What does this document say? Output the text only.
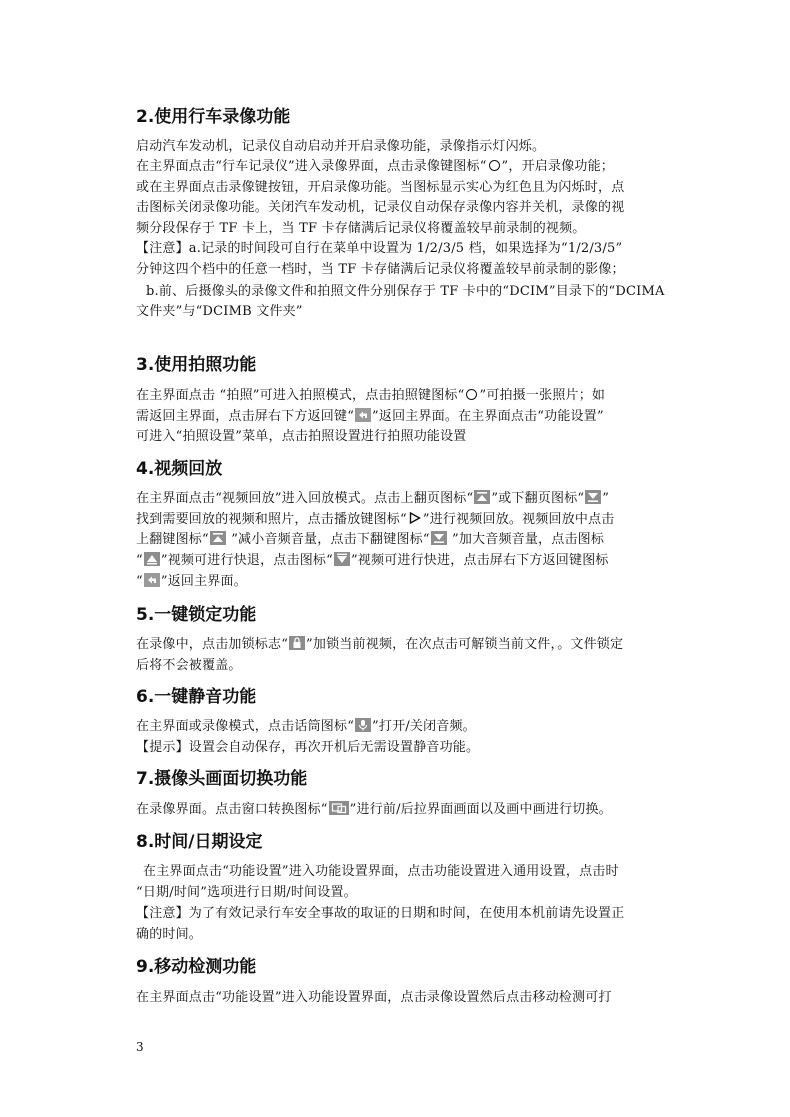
2.使用行车录像功能
启动汽车发动机，记录仪自动启动并开启录像功能，录像指示灯闪烁。
在主界面点击“行车记录仪”进入录像界面，点击录像键图标“ ”，开启录像功能；
或在主界面点击录像键按钮，开启录像功能。当图标显示实心为红色且为闪烁时，点
击图标关闭录像功能。关闭汽车发动机，记录仪自动保存录像内容并关机，录像的视
频分段保存于 TF 卡上，当 TF 卡存储满后记录仪将覆盖较早前录制的视频。
【注意】a.记录的时间段可自行在菜单中设置为 1/2/3/5 档，如果选择为“1/2/3/5”
分钟这四个档中的任意一档时，当 TF 卡存储满后记录仪将覆盖较早前录制的影像；
b.前、后摄像头的录像文件和拍照文件分别保存于 TF 卡中的“DCIM”目录下的“DCIMA
文件夹”与“DCIMB 文件夹”
3.使用拍照功能
在主界面点击 “拍照”可进入拍照模式，点击拍照键图标“ ”可拍摄一张照片；如
需返回主界面，点击屏右下方返回键“ ”返回主界面。在主界面点击“功能设置”
可进入“拍照设置”菜单，点击拍照设置进行拍照功能设置
4.视频回放
在主界面点击“视频回放”进入回放模式。点击上翻页图标“ ”或下翻页图标“ ”
找到需要回放的视频和照片，点击播放键图标“ ”进行视频回放。视频回放中点击
上翻键图标“
”减小音频音量，点击下翻键图标“
”加大音频音量，点击图标
“ ”视频可进行快退，点击图标“ ”视频可进行快进，点击屏右下方返回键图标
“ ”返回主界面。
5.一键锁定功能
在录像中，点击加锁标志“ ”加锁当前视频，在次点击可解锁当前文件，。文件锁定
后将不会被覆盖。
6.一键静音功能
在主界面或录像模式，点击话筒图标“ ”打开/关闭音频。
【提示】设置会自动保存，再次开机后无需设置静音功能。
7.摄像头画面切换功能
在录像界面。点击窗口转换图标“ ”进行前/后拉界面画面以及画中画进行切换。
8.时间/日期设定
在主界面点击“功能设置”进入功能设置界面，点击功能设置进入通用设置，点击时
“日期/时间”选项进行日期/时间设置。
【注意】为了有效记录行车安全事故的取证的日期和时间，在使用本机前请先设置正
确的时间。
9.移动检测功能
在主界面点击“功能设置”进入功能设置界面，点击录像设置然后点击移动检测可打
3
